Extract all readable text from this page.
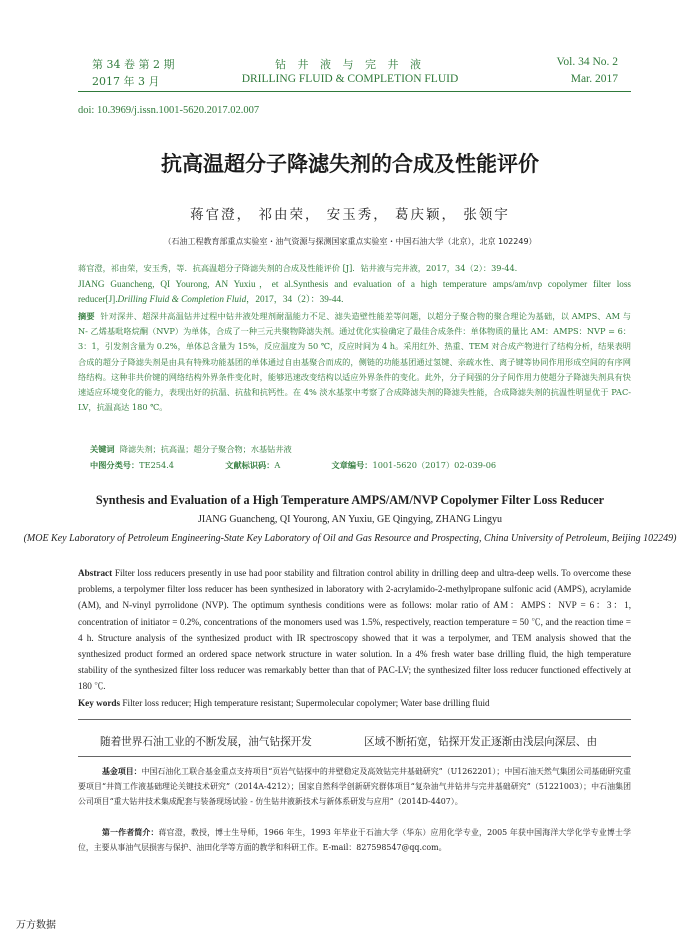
第 34 卷 第 2 期
2017 年 3 月
钻 井 液 与 完 井 液
DRILLING FLUID & COMPLETION FLUID
Vol. 34 No. 2
Mar. 2017
doi: 10.3969/j.issn.1001-5620.2017.02.007
抗高温超分子降滤失剂的合成及性能评价
蒋官澄， 祁由荣， 安玉秀， 葛庆颖， 张领宇
（石油工程教育部重点实验室・油气资源与探测国家重点实验室・中国石油大学（北京），北京 102249）

蒋官澄，祁由荣，安玉秀，等．抗高温超分子降滤失剂的合成及性能评价 [J]．钻井液与完井液，2017，34（2）：39-44.

JIANG Guancheng, QI Yourong, AN Yuxiu，et al.Synthesis and evaluation of a high temperature amps/am/nvp copolymer filter loss reducer[J].Drilling Fluid & Completion Fluid，2017，34（2）：39-44.

摘要 针对深井、超深井高温钻井过程中钻井液处理剂耐温能力不足、滤失造壁性能差等问题，以超分子聚合物的聚合理论为基础，以 AMPS、AM 与 N- 乙烯基吡咯烷酮（NVP）为单体，合成了一种三元共聚物降滤失剂。通过优化实验确定了最佳合成条件：单体物质的量比 AM：AMPS：NVP = 6：3：1，引发剂含量为 0.2%，单体总含量为 15%，反应温度为 50 ℃，反应时间为 4 h。采用红外、热重、TEM 对合成产物进行了结构分析，结果表明合成的超分子降滤失剂是由具有特殊功能基团的单体通过自由基聚合而成的，侧链的功能基团通过氢键、亲疏水性、离子键等协同作用形成空间的有序网络结构。这种非共价键的网络结构外界条件变化时，能够迅速改变结构以适应外界条件的变化。此外，分子间强的分子间作用力使超分子降滤失剂具有快速适应环境变化的能力，表现出好的抗温、抗盐和抗钙性。在 4% 淡水基浆中考察了合成降滤失剂的降滤失性能，合成降滤失剂的抗温性明显优于 PAC-LV，抗温高达 180 ℃。

关键词 降滤失剂；抗高温；超分子聚合物；水基钻井液
中图分类号：TE254.4	文献标识码：A	文章编号：1001-5620（2017）02-039-06
Synthesis and Evaluation of a High Temperature AMPS/AM/NVP Copolymer Filter Loss Reducer
JIANG Guancheng, QI Yourong, AN Yuxiu, GE Qingying, ZHANG Lingyu
(MOE Key Laboratory of Petroleum Engineering-State Key Laboratory of Oil and Gas Resource and Prospecting, China University of Petroleum, Beijing 102249)

Abstract Filter loss reducers presently in use had poor stability and filtration control ability in drilling deep and ultra-deep wells. To overcome these problems, a terpolymer filter loss reducer has been synthesized in laboratory with 2-acrylamido-2-methylpropane sulfonic acid (AMPS), acrylamide (AM), and N-vinyl pyrrolidone (NVP). The optimum synthesis conditions were as follows: molar ratio of AM：AMPS：NVP = 6：3：1, concentration of initiator = 0.2%, concentrations of the monomers used was 1.5%, respectively, reaction temperature = 50 ℃, and the reaction time = 4 h. Structure analysis of the synthesized product with IR spectroscopy showed that it was a terpolymer, and TEM analysis showed that the synthesized product formed an ordered space network structure in water solution. In a 4% fresh water base drilling fluid, the high temperature stability of the synthesized filter loss reducer was remarkably better than that of PAC-LV; the synthesized filter loss reducer functioned effectively at 180 ℃.

Key words Filter loss reducer; High temperature resistant; Supermolecular copolymer; Water base drilling fluid

随着世界石油工业的不断发展，油气钻探开发	区域不断拓宽，钻探开发正逐渐由浅层向深层、由

基金项目：中国石油化工联合基金重点支持项目“页岩气钻探中的井壁稳定及高效钻完井基础研究”（U1262201）；中国石油天然气集团公司基础研究重要项目“井筒工作液基础理论关键技术研究”（2014A-4212）；国家自然科学创新研究群体项目“复杂油气井钻井与完井基础研究”（51221003）；中石油集团公司项目“重大钻井技术集成配套与装备现场试验 - 仿生钻井液新技术与新体系研发与应用”（2014D-4407）。

第一作者简介：蒋官澄，教授，博士生导师，1966 年生，1993 年毕业于石油大学（华东）应用化学专业，2005 年获中国海洋大学化学专业博士学位，主要从事油气层损害与保护、油田化学等方面的教学和科研工作。E-mail：827598547@qq.com。

万方数据
